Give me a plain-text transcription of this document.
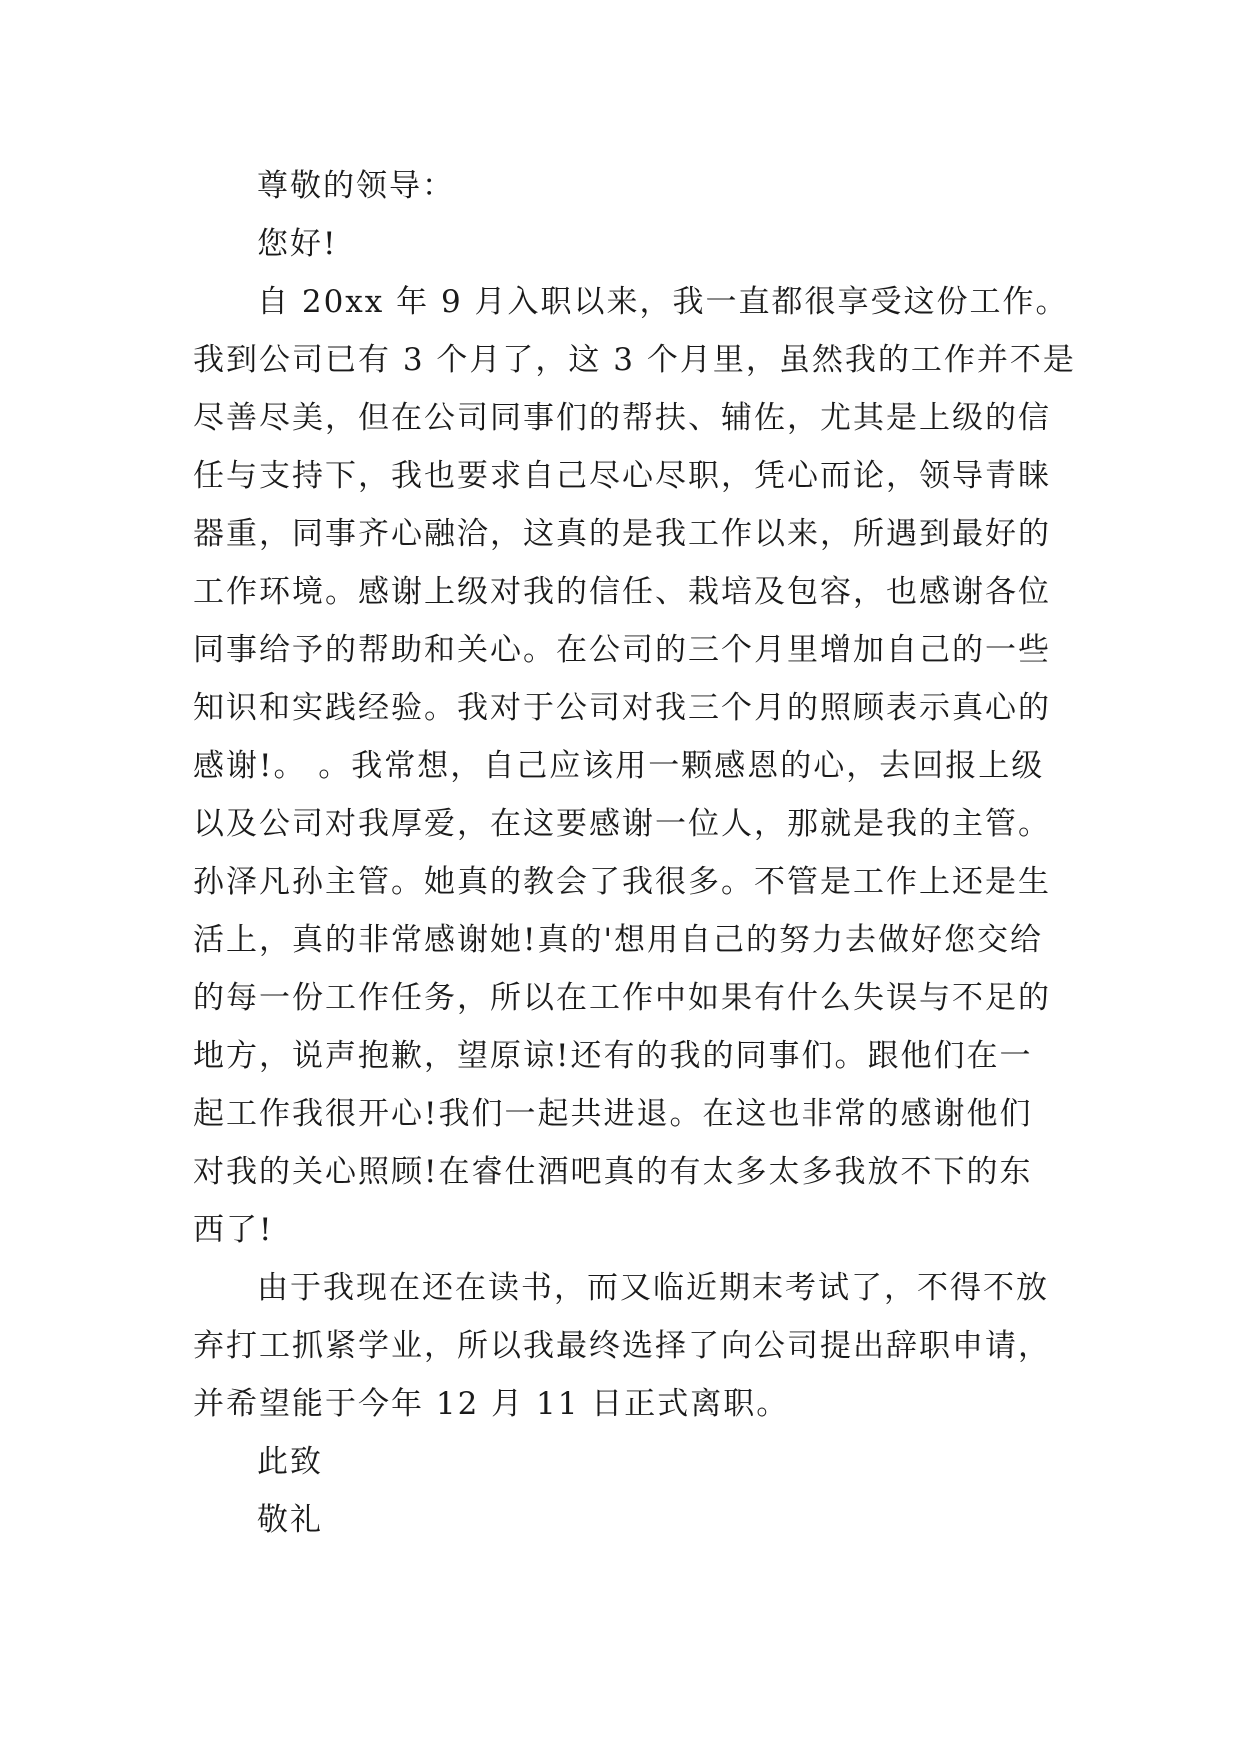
尊敬的领导：
您好!
自 20xx 年 9 月入职以来，我一直都很享受这份工作。
我到公司已有 3 个月了，这 3 个月里，虽然我的工作并不是
尽善尽美，但在公司同事们的帮扶、辅佐，尤其是上级的信
任与支持下，我也要求自己尽心尽职，凭心而论，领导青睐
器重，同事齐心融洽，这真的是我工作以来，所遇到最好的
工作环境。感谢上级对我的信任、栽培及包容，也感谢各位
同事给予的帮助和关心。在公司的三个月里增加自己的一些
知识和实践经验。我对于公司对我三个月的照顾表示真心的
感谢!。 。我常想，自己应该用一颗感恩的心，去回报上级
以及公司对我厚爱，在这要感谢一位人，那就是我的主管。
孙泽凡孙主管。她真的教会了我很多。不管是工作上还是生
活上，真的非常感谢她!真的'想用自己的努力去做好您交给
的每一份工作任务，所以在工作中如果有什么失误与不足的
地方，说声抱歉，望原谅!还有的我的同事们。跟他们在一
起工作我很开心!我们一起共进退。在这也非常的感谢他们
对我的关心照顾!在睿仕酒吧真的有太多太多我放不下的东
西了!
由于我现在还在读书，而又临近期末考试了，不得不放
弃打工抓紧学业，所以我最终选择了向公司提出辞职申请，
并希望能于今年 12 月 11 日正式离职。
此致
敬礼
